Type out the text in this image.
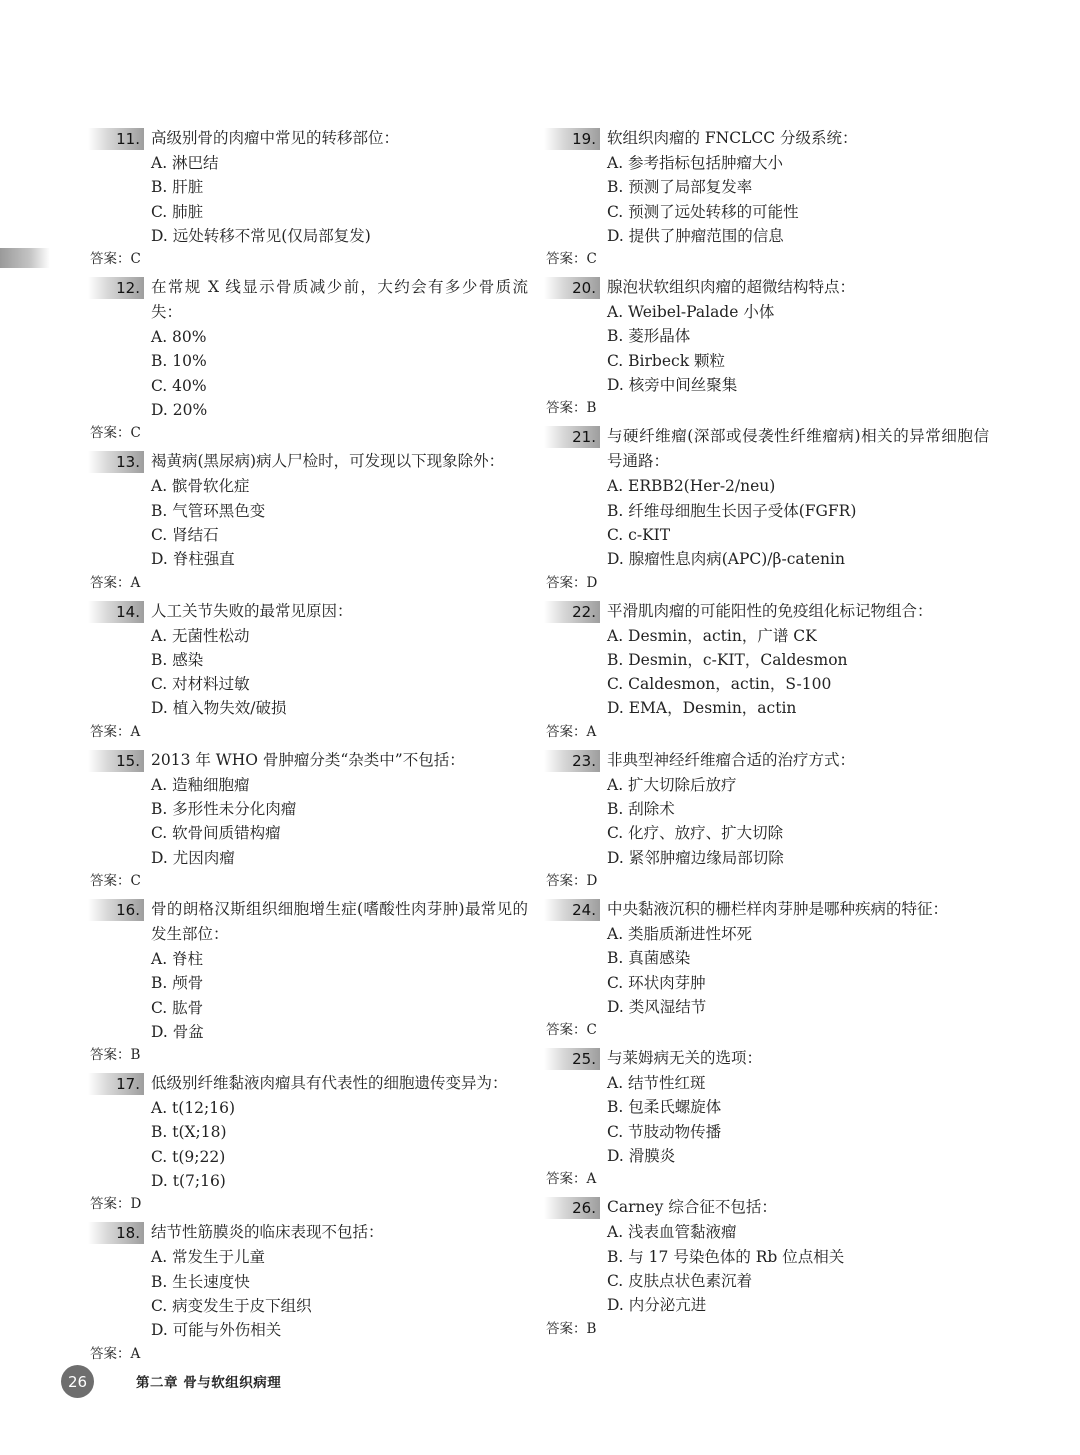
11. 高级别骨的肉瘤中常见的转移部位：
A. 淋巴结
B. 肝脏
C. 肺脏
D. 远处转移不常见(仅局部复发)
答案：C
12. 在常规 X 线显示骨质减少前，大约会有多少骨质流失：
A. 80%
B. 10%
C. 40%
D. 20%
答案：C
13. 褐黄病(黑尿病)病人尸检时，可发现以下现象除外：
A. 髌骨软化症
B. 气管环黑色变
C. 肾结石
D. 脊柱强直
答案：A
14. 人工关节失败的最常见原因：
A. 无菌性松动
B. 感染
C. 对材料过敏
D. 植入物失效/破损
答案：A
15. 2013 年 WHO 骨肿瘤分类“杂类中”不包括：
A. 造釉细胞瘤
B. 多形性未分化肉瘤
C. 软骨间质错构瘤
D. 尤因肉瘤
答案：C
16. 骨的朗格汉斯组织细胞增生症(嗜酸性肉芽肿)最常见的发生部位：
A. 脊柱
B. 颅骨
C. 肱骨
D. 骨盆
答案：B
17. 低级别纤维黏液肉瘤具有代表性的细胞遗传变异为：
A. t(12;16)
B. t(X;18)
C. t(9;22)
D. t(7;16)
答案：D
18. 结节性筋膜炎的临床表现不包括：
A. 常发生于儿童
B. 生长速度快
C. 病变发生于皮下组织
D. 可能与外伤相关
答案：A
19. 软组织肉瘤的 FNCLCC 分级系统：
A. 参考指标包括肿瘤大小
B. 预测了局部复发率
C. 预测了远处转移的可能性
D. 提供了肿瘤范围的信息
答案：C
20. 腺泡状软组织肉瘤的超微结构特点：
A. Weibel-Palade 小体
B. 菱形晶体
C. Birbeck 颗粒
D. 核旁中间丝聚集
答案：B
21. 与硬纤维瘤(深部或侵袭性纤维瘤病)相关的异常细胞信号通路：
A. ERBB2(Her-2/neu)
B. 纤维母细胞生长因子受体(FGFR)
C. c-KIT
D. 腺瘤性息肉病(APC)/β-catenin
答案：D
22. 平滑肌肉瘤的可能阳性的免疫组化标记物组合：
A. Desmin，actin，广谱 CK
B. Desmin，c-KIT，Caldesmon
C. Caldesmon，actin，S-100
D. EMA，Desmin，actin
答案：A
23. 非典型神经纤维瘤合适的治疗方式：
A. 扩大切除后放疗
B. 刮除术
C. 化疗、放疗、扩大切除
D. 紧邻肿瘤边缘局部切除
答案：D
24. 中央黏液沉积的栅栏样肉芽肿是哪种疾病的特征：
A. 类脂质渐进性坏死
B. 真菌感染
C. 环状肉芽肿
D. 类风湿结节
答案：C
25. 与莱姆病无关的选项：
A. 结节性红斑
B. 包柔氏螺旋体
C. 节肢动物传播
D. 滑膜炎
答案：A
26. Carney 综合征不包括：
A. 浅表血管黏液瘤
B. 与 17 号染色体的 Rb 位点相关
C. 皮肤点状色素沉着
D. 内分泌亢进
答案：B
26	第二章 骨与软组织病理
